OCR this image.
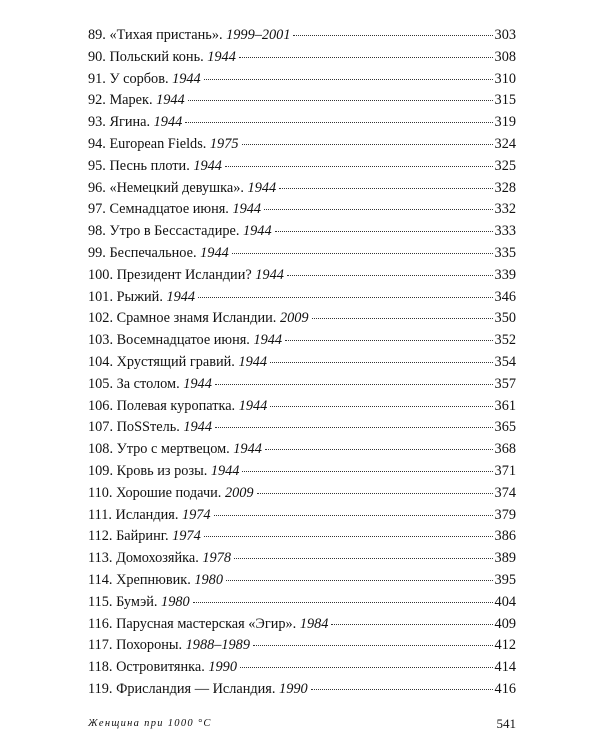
89. «Тихая пристань». 1999–2001	303
90. Польский конь. 1944	308
91. У сорбов. 1944	310
92. Марек. 1944	315
93. Ягина. 1944	319
94. European Fields. 1975	324
95. Песнь плоти. 1944	325
96. «Немецкий девушка». 1944	328
97. Семнадцатое июня. 1944	332
98. Утро в Бессастадире. 1944	333
99. Беспечальное. 1944	335
100. Президент Исландии? 1944	339
101. Рыжий. 1944	346
102. Срамное знамя Исландии. 2009	350
103. Восемнадцатое июня. 1944	352
104. Хрустящий гравий. 1944	354
105. За столом. 1944	357
106. Полевая куропатка. 1944	361
107. ПоSSтель. 1944	365
108. Утро с мертвецом. 1944	368
109. Кровь из розы. 1944	371
110. Хорошие подачи. 2009	374
111. Исландия. 1974	379
112. Байринг. 1974	386
113. Домохозяйка. 1978	389
114. Хрепнювик. 1980	395
115. Бумэй. 1980	404
116. Парусная мастерская «Эгир». 1984	409
117. Похороны. 1988–1989	412
118. Островитянка. 1990	414
119. Фрисландия — Исландия. 1990	416
Женщина при 1000 °С	541
